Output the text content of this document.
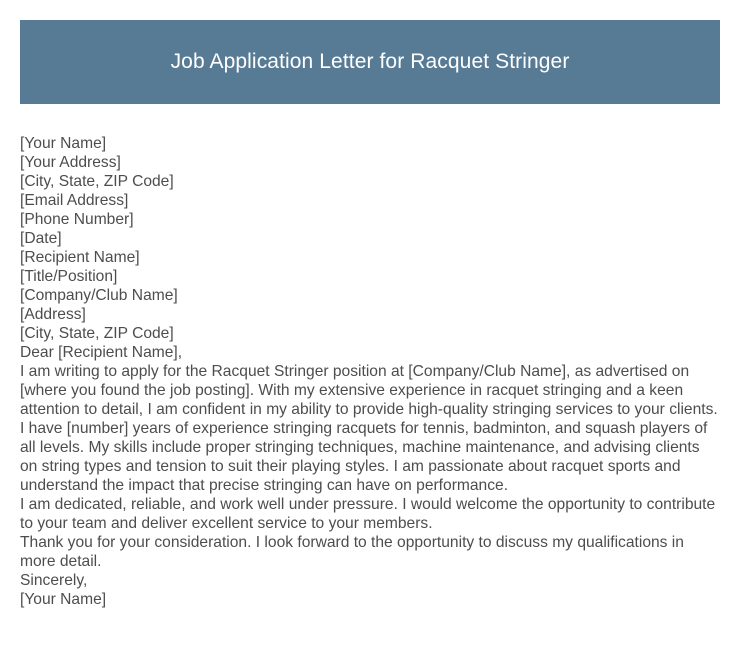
Job Application Letter for Racquet Stringer

[Your Name]

[Your Address]

[City, State, ZIP Code]

[Email Address]

[Phone Number]

[Date]

[Recipient Name]

[Title/Position]

[Company/Club Name]

[Address]

[City, State, ZIP Code]

Dear [Recipient Name],

I am writing to apply for the Racquet Stringer position at [Company/Club Name], as advertised on [where you found the job posting]. With my extensive experience in racquet stringing and a keen attention to detail, I am confident in my ability to provide high-quality stringing services to your clients.

I have [number] years of experience stringing racquets for tennis, badminton, and squash players of all levels. My skills include proper stringing techniques, machine maintenance, and advising clients on string types and tension to suit their playing styles. I am passionate about racquet sports and understand the impact that precise stringing can have on performance.

I am dedicated, reliable, and work well under pressure. I would welcome the opportunity to contribute to your team and deliver excellent service to your members.

Thank you for your consideration. I look forward to the opportunity to discuss my qualifications in more detail.

Sincerely,

[Your Name]
